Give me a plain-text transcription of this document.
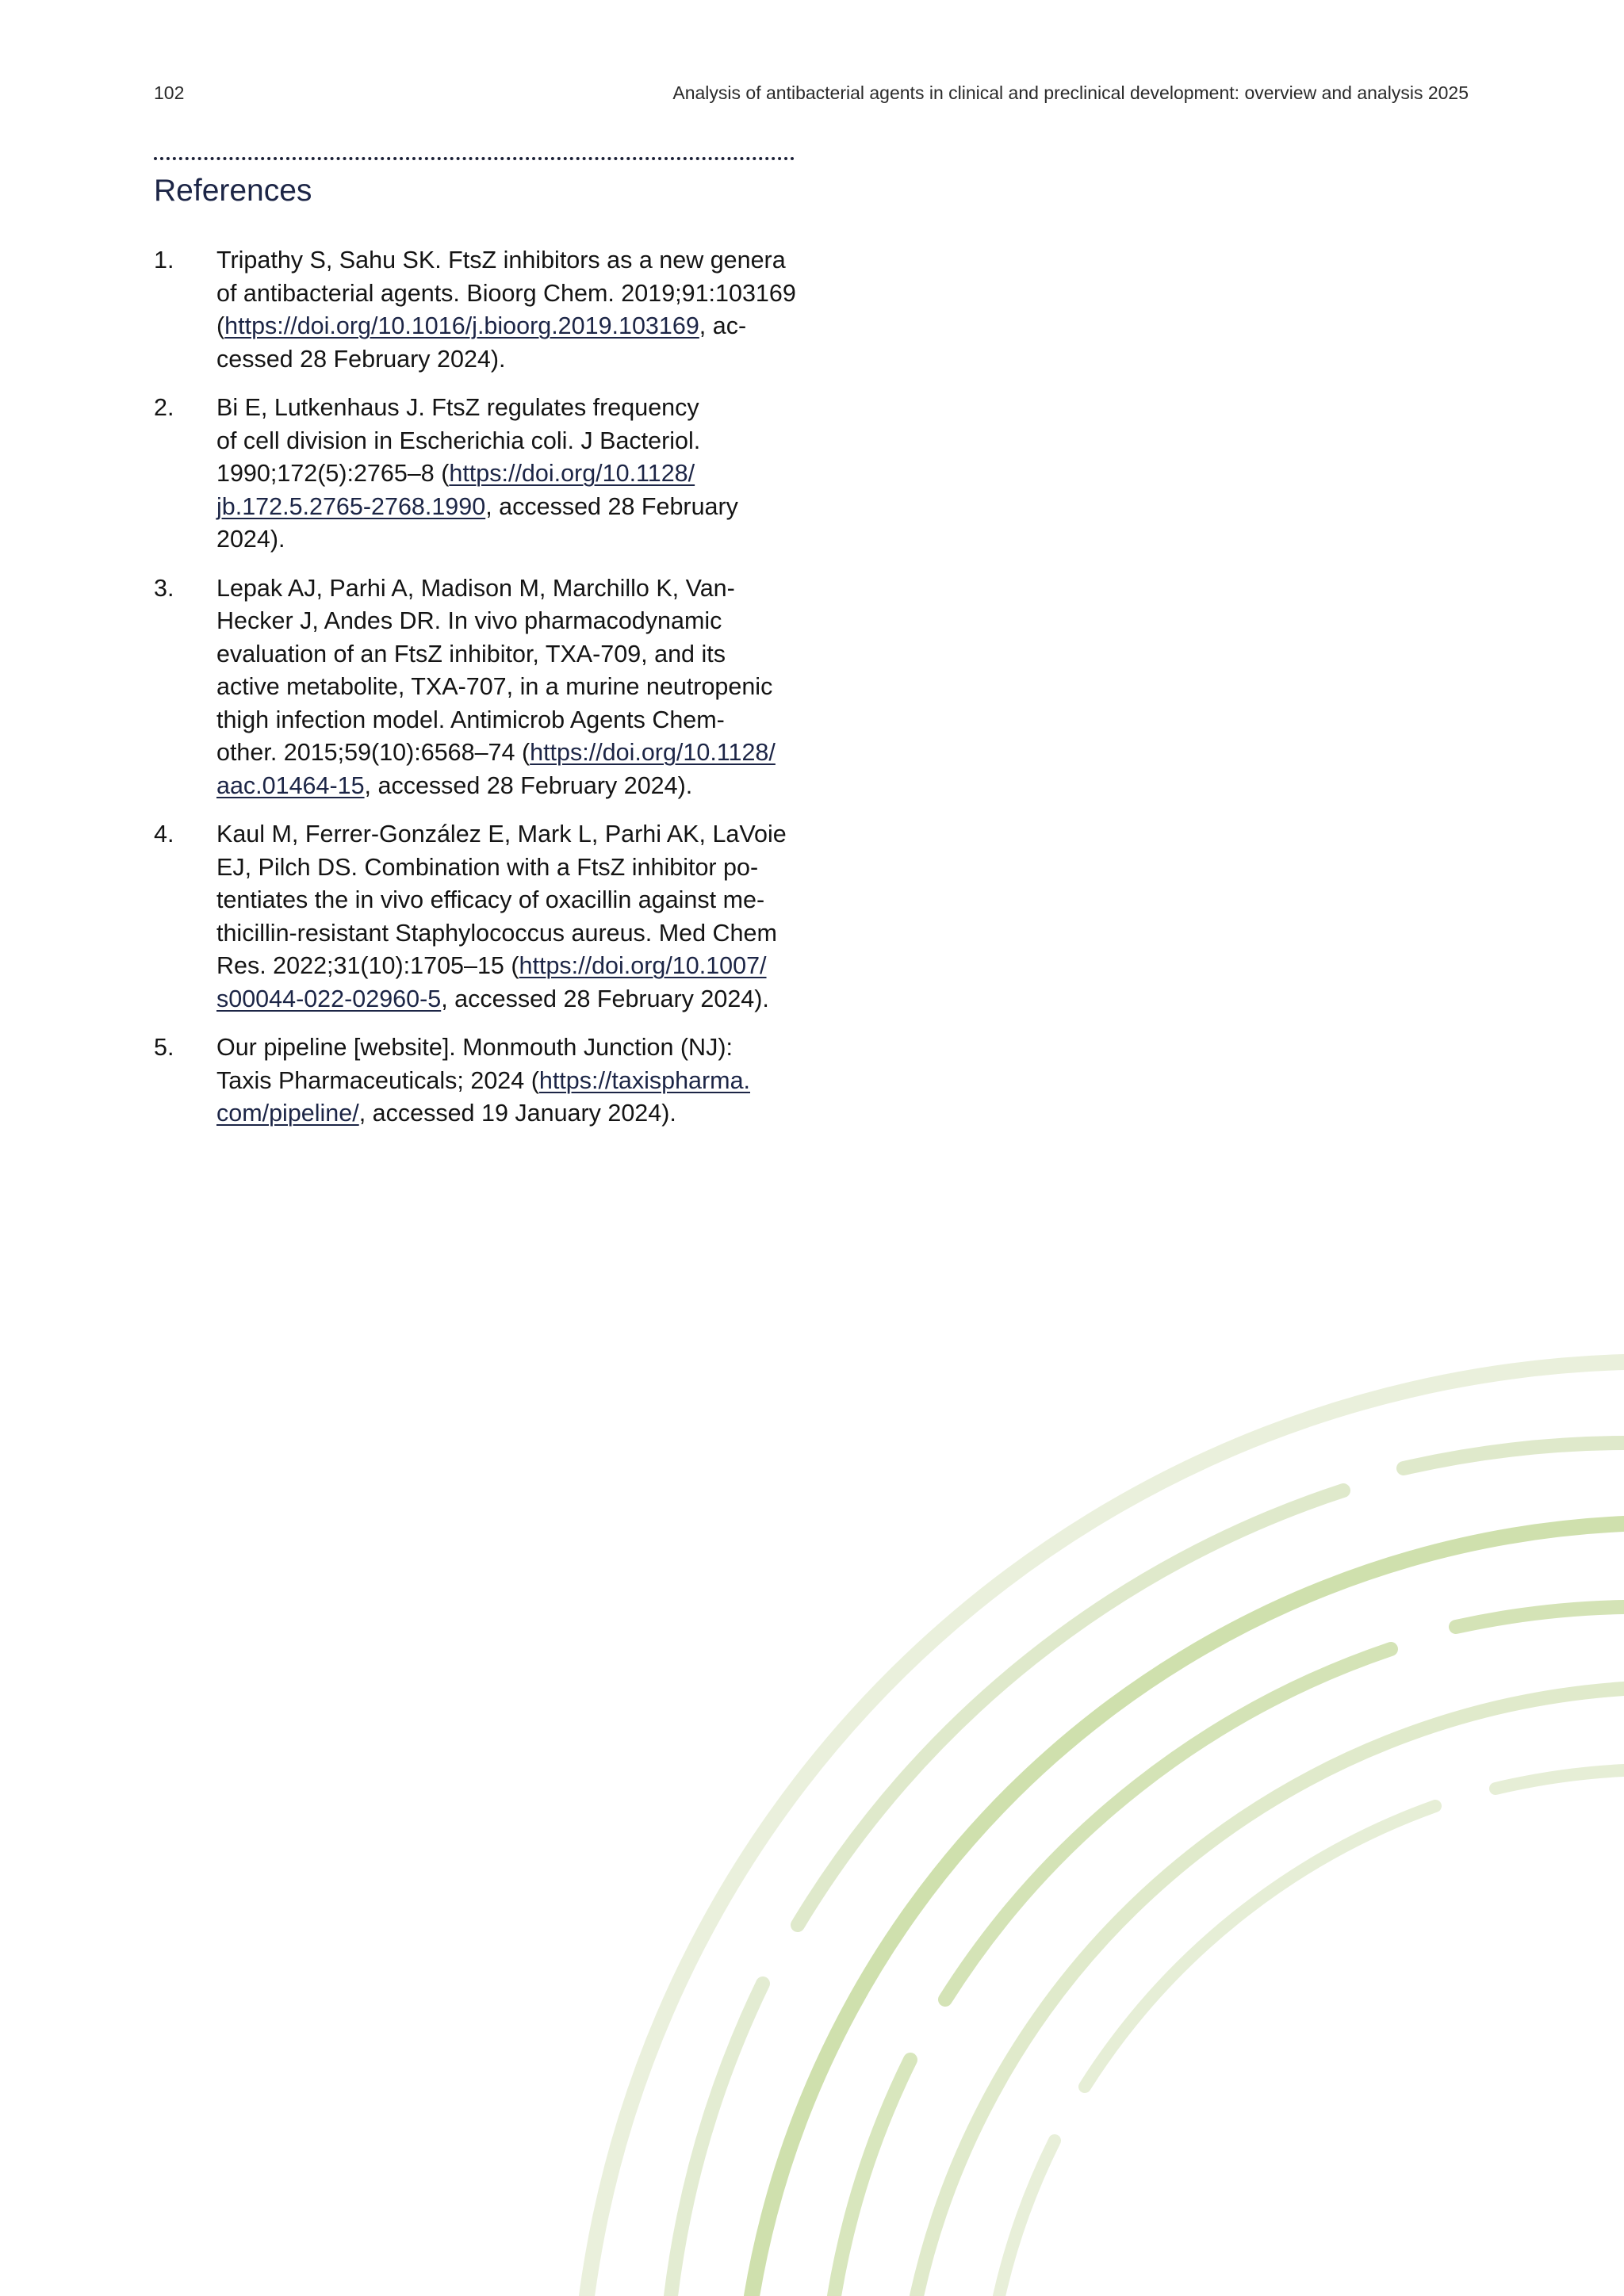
102	Analysis of antibacterial agents in clinical and preclinical development: overview and analysis 2025
References
1.	Tripathy S, Sahu SK. FtsZ inhibitors as a new genera
of antibacterial agents. Bioorg Chem. 2019;91:103169
(https://doi.org/10.1016/j.bioorg.2019.103169, ac-
cessed 28 February 2024).
2.	Bi E, Lutkenhaus J. FtsZ regulates frequency
of cell division in Escherichia coli. J Bacteriol.
1990;172(5):2765–8 (https://doi.org/10.1128/
jb.172.5.2765-2768.1990, accessed 28 February
2024).
3.	Lepak AJ, Parhi A, Madison M, Marchillo K, Van-
Hecker J, Andes DR. In vivo pharmacodynamic
evaluation of an FtsZ inhibitor, TXA-709, and its
active metabolite, TXA-707, in a murine neutropenic
thigh infection model. Antimicrob Agents Chem-
other. 2015;59(10):6568–74 (https://doi.org/10.1128/
aac.01464-15, accessed 28 February 2024).
4.	Kaul M, Ferrer-González E, Mark L, Parhi AK, LaVoie
EJ, Pilch DS. Combination with a FtsZ inhibitor po-
tentiates the in vivo efficacy of oxacillin against me-
thicillin-resistant Staphylococcus aureus. Med Chem
Res. 2022;31(10):1705–15 (https://doi.org/10.1007/
s00044-022-02960-5, accessed 28 February 2024).
5.	Our pipeline [website]. Monmouth Junction (NJ):
Taxis Pharmaceuticals; 2024 (https://taxispharma.
com/pipeline/, accessed 19 January 2024).
